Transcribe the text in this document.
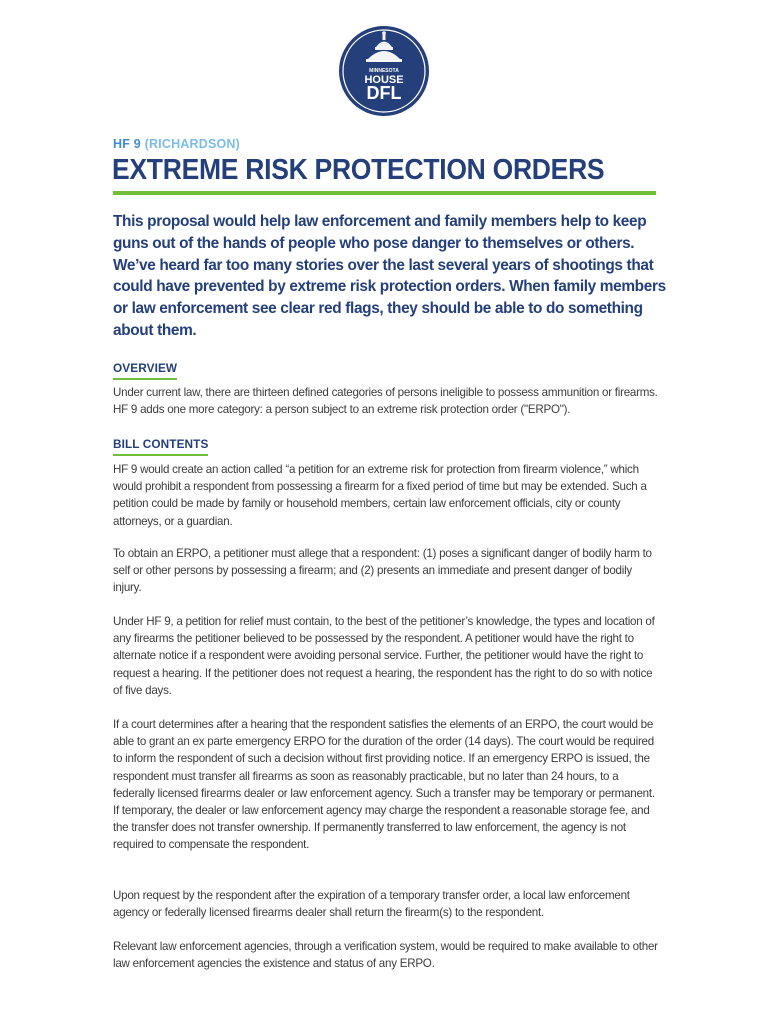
MINNESOTA
HOUSE
DFL
HF 9 (RICHARDSON)
EXTREME RISK PROTECTION ORDERS

This proposal would help law enforcement and family members help to keep guns out of the hands of people who pose danger to themselves or others. We’ve heard far too many stories over the last several years of shootings that could have prevented by extreme risk protection orders. When family members or law enforcement see clear red flags, they should be able to do something about them.

OVERVIEW

Under current law, there are thirteen defined categories of persons ineligible to possess ammunition or firearms. HF 9 adds one more category: a person subject to an extreme risk protection order ("ERPO").

BILL CONTENTS

HF 9 would create an action called “a petition for an extreme risk for protection from firearm violence,” which would prohibit a respondent from possessing a firearm for a fixed period of time but may be extended. Such a petition could be made by family or household members, certain law enforcement officials, city or county attorneys, or a guardian.

To obtain an ERPO, a petitioner must allege that a respondent: (1) poses a significant danger of bodily harm to self or other persons by possessing a firearm; and (2) presents an immediate and present danger of bodily injury.

Under HF 9, a petition for relief must contain, to the best of the petitioner’s knowledge, the types and location of any firearms the petitioner believed to be possessed by the respondent. A petitioner would have the right to alternate notice if a respondent were avoiding personal service. Further, the petitioner would have the right to request a hearing. If the petitioner does not request a hearing, the respondent has the right to do so with notice of five days.

If a court determines after a hearing that the respondent satisfies the elements of an ERPO, the court would be able to grant an ex parte emergency ERPO for the duration of the order (14 days). The court would be required to inform the respondent of such a decision without first providing notice. If an emergency ERPO is issued, the respondent must transfer all firearms as soon as reasonably practicable, but no later than 24 hours, to a federally licensed firearms dealer or law enforcement agency. Such a transfer may be temporary or permanent. If temporary, the dealer or law enforcement agency may charge the respondent a reasonable storage fee, and the transfer does not transfer ownership. If permanently transferred to law enforcement, the agency is not required to compensate the respondent.

Upon request by the respondent after the expiration of a temporary transfer order, a local law enforcement agency or federally licensed firearms dealer shall return the firearm(s) to the respondent.

Relevant law enforcement agencies, through a verification system, would be required to make available to other law enforcement agencies the existence and status of any ERPO.
